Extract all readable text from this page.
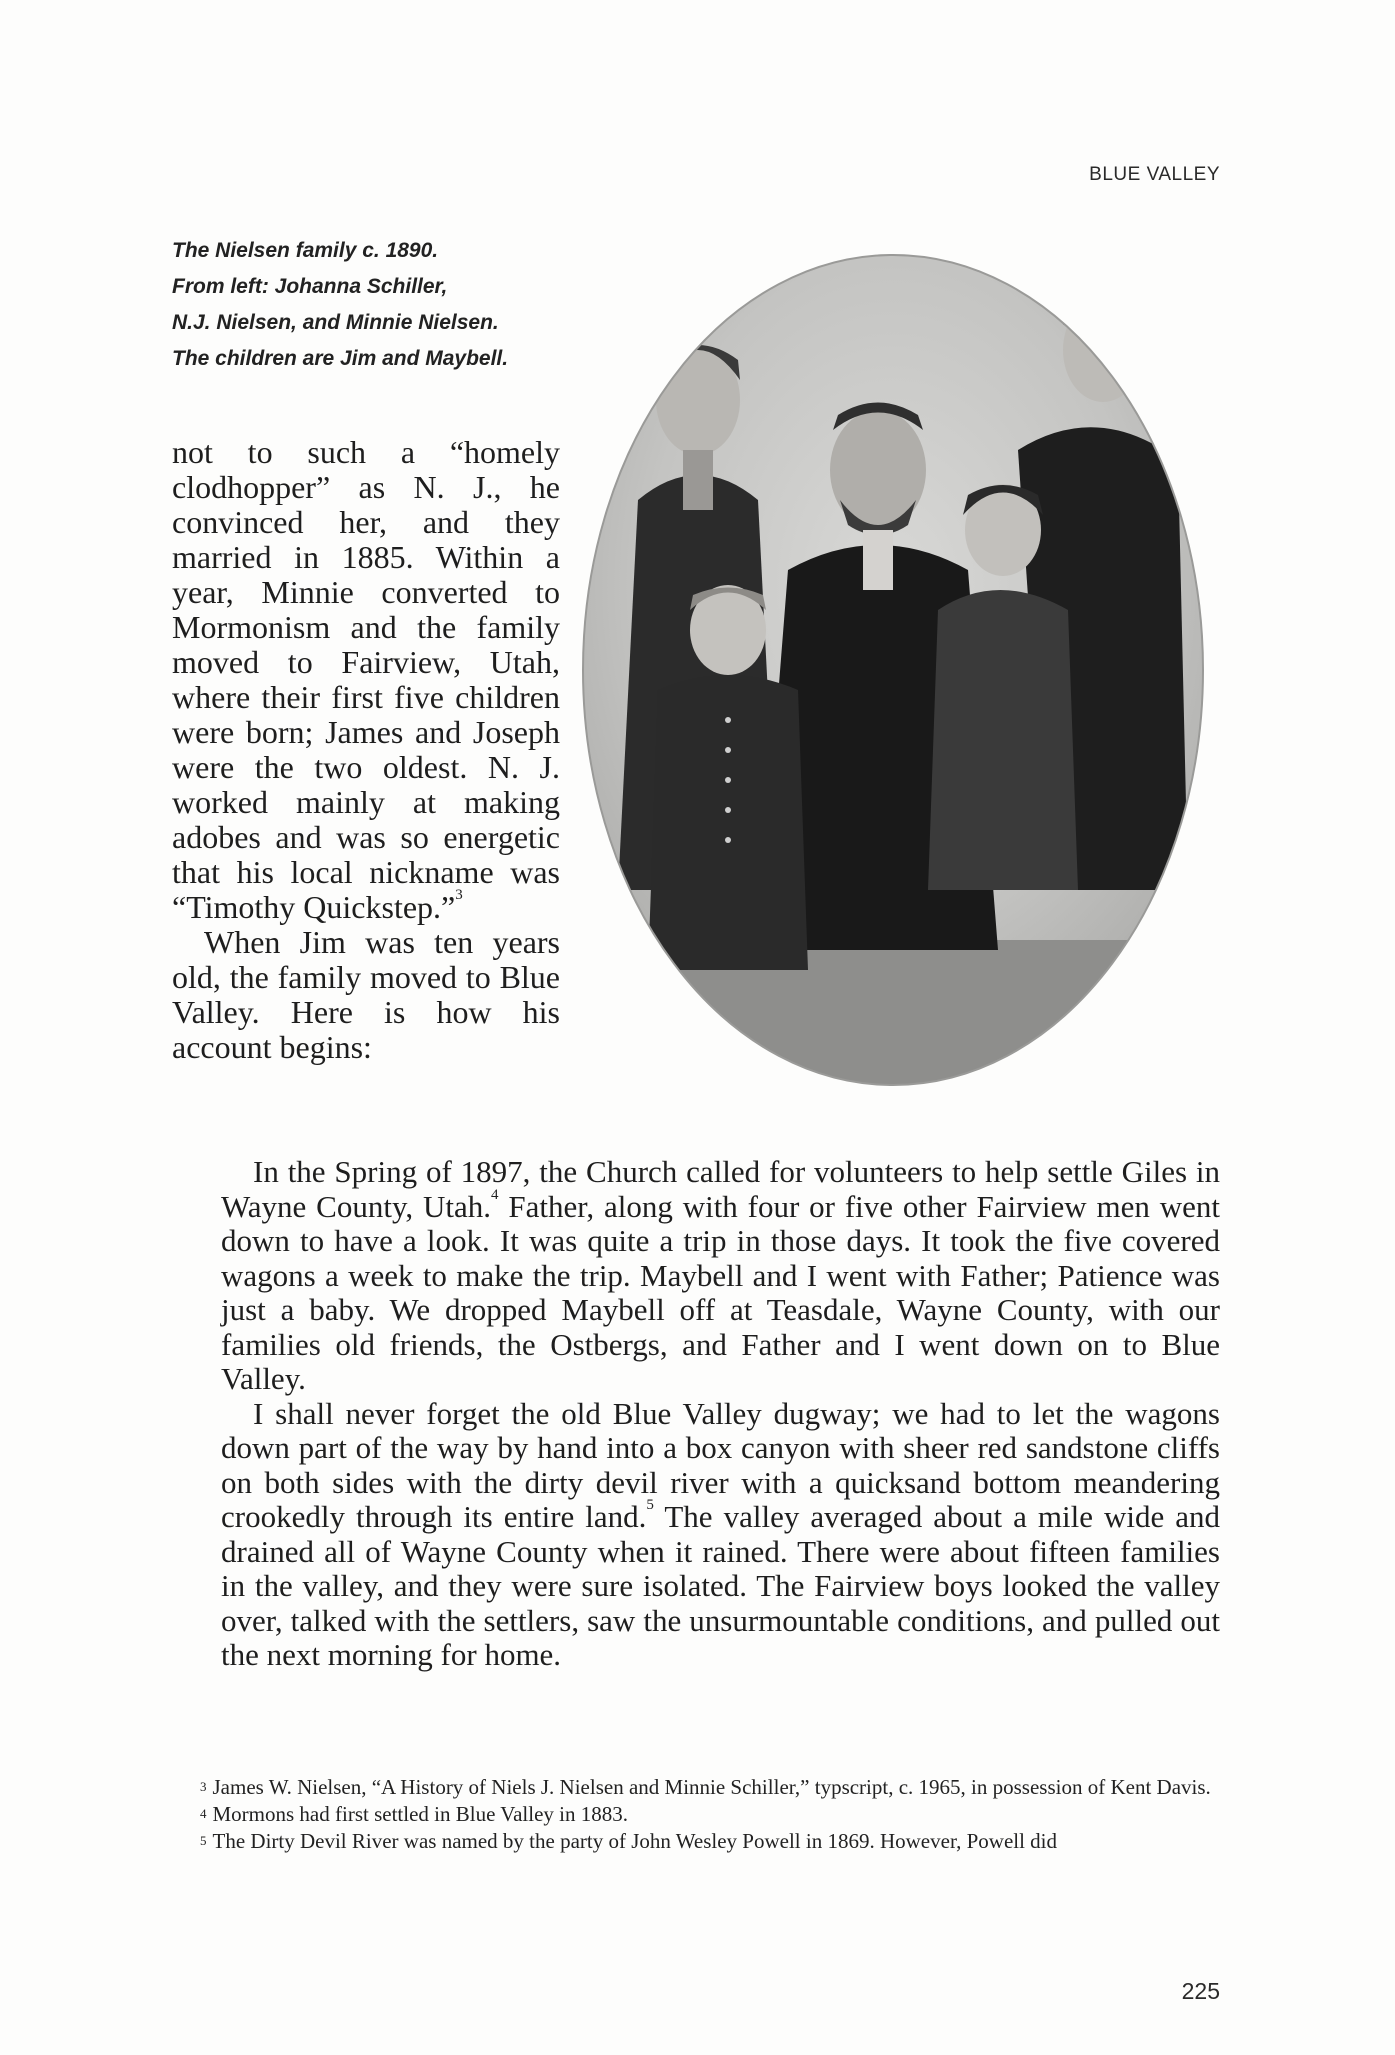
BLUE VALLEY
The Nielsen family c. 1890.
From left: Johanna Schiller,
N.J. Nielsen, and Minnie Nielsen.
The children are Jim and Maybell.

not to such a “homely clodhopper” as N. J., he convinced her, and they married in 1885. Within a year, Minnie converted to Mormonism and the family moved to Fairview, Utah, where their first five children were born; James and Joseph were the two oldest. N. J. worked mainly at making adobes and was so energetic that his local nickname was “Timothy Quickstep.”$^3$

When Jim was ten years old, the family moved to Blue Valley. Here is how his account begins:

In the Spring of 1897, the Church called for volunteers to help settle Giles in Wayne County, Utah.$^4$ Father, along with four or five other Fairview men went down to have a look. It was quite a trip in those days. It took the five covered wagons a week to make the trip. Maybell and I went with Father; Patience was just a baby. We dropped Maybell off at Teasdale, Wayne County, with our families old friends, the Ostbergs, and Father and I went down on to Blue Valley.

I shall never forget the old Blue Valley dugway; we had to let the wagons down part of the way by hand into a box canyon with sheer red sandstone cliffs on both sides with the dirty devil river with a quicksand bottom meandering crookedly through its entire land.$^5$ The valley averaged about a mile wide and drained all of Wayne County when it rained. There were about fifteen families in the valley, and they were sure isolated. The Fairview boys looked the valley over, talked with the settlers, saw the unsurmountable conditions, and pulled out the next morning for home.

$^3$ James W. Nielsen, “A History of Niels J. Nielsen and Minnie Schiller,” typscript, c. 1965, in possession of Kent Davis.

$^4$ Mormons had first settled in Blue Valley in 1883.

$^5$ The Dirty Devil River was named by the party of John Wesley Powell in 1869. However, Powell did

225
